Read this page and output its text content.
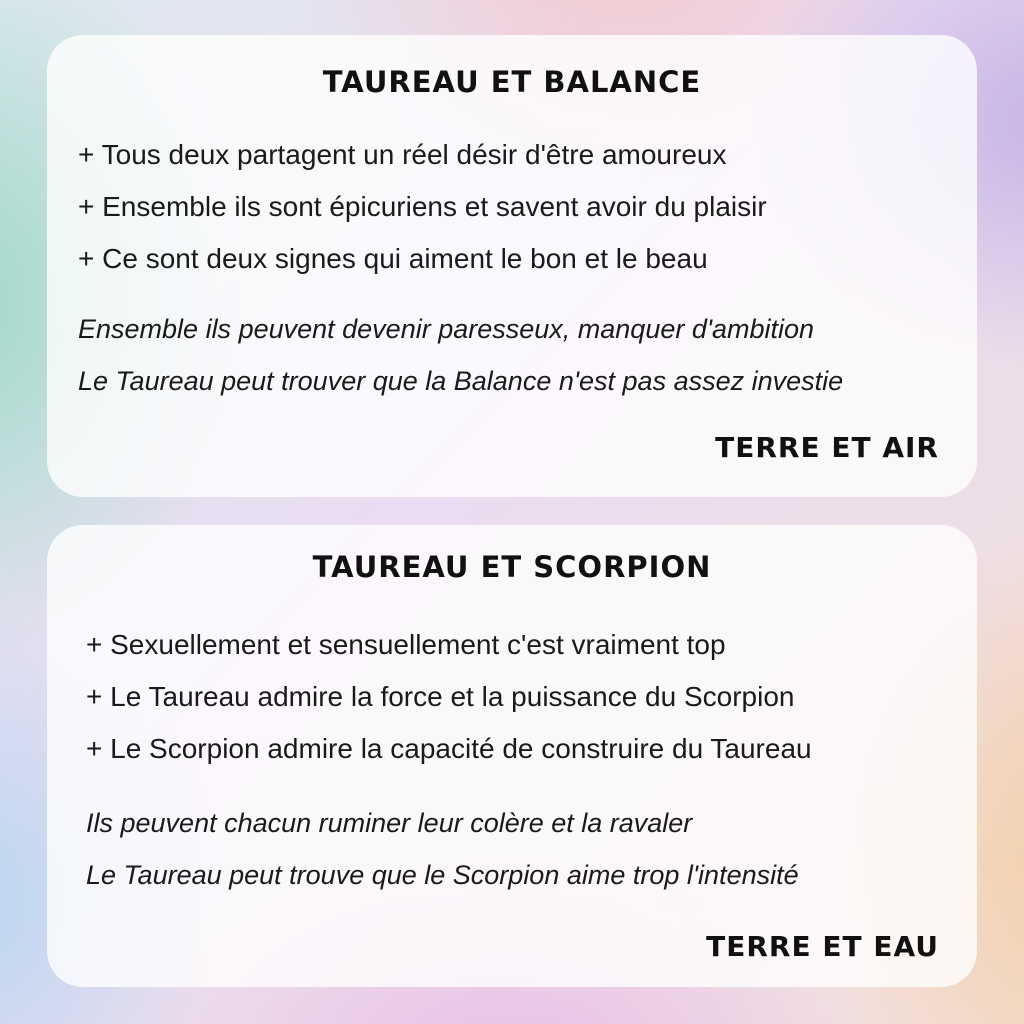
TAUREAU ET BALANCE
+ Tous deux partagent un réel désir d'être amoureux
+ Ensemble ils sont épicuriens et savent avoir du plaisir
+ Ce sont deux signes qui aiment le bon et le beau

Ensemble ils peuvent devenir paresseux, manquer d'ambition

Le Taureau peut trouver que la Balance n'est pas assez investie

TERRE ET AIR

TAUREAU ET SCORPION
+ Sexuellement et sensuellement c'est vraiment top
+ Le Taureau admire la force et la puissance du Scorpion
+ Le Scorpion admire la capacité de construire du Taureau

Ils peuvent chacun ruminer leur colère et la ravaler

Le Taureau peut trouve que le Scorpion aime trop l'intensité

TERRE ET EAU
